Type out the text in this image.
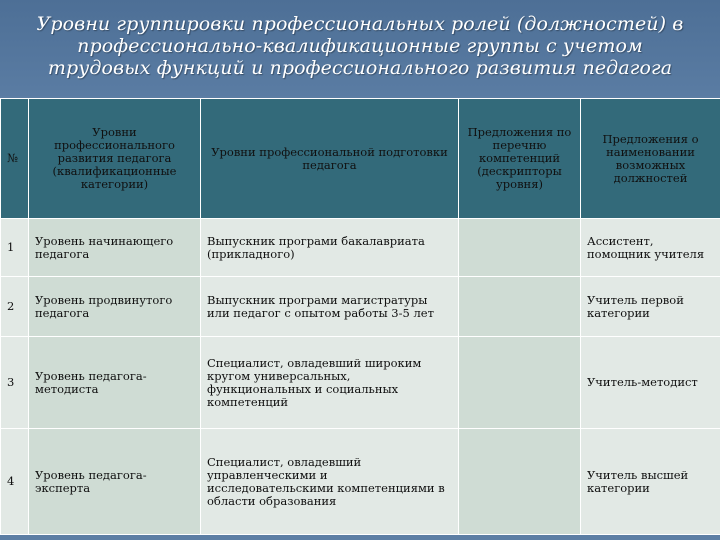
Уровни группировки профессиональных ролей (должностей) в профессионально-квалификационные группы с учетом трудовых функций и профессионального развития педагога
№	Уровни профессионального развития педагога (квалификационные категории)	Уровни профессиональной подготовки педагога	Предложения по перечню компетенций (дескрипторы уровня)	Предложения о наименовании возможных должностей
1	Уровень начинающего педагога	Выпускник програми бакалавриата (прикладного)		Ассистент, помощник учителя
2	Уровень продвинутого педагога	Выпускник програми магистратуры или педагог с опытом работы 3-5 лет		Учитель первой категории
3	Уровень педагога-методиста	Специалист, овладевший широким кругом универсальных, функциональных и социальных компетенций		Учитель-методист
4	Уровень педагога-эксперта	Специалист, овладевший управленческими и исследовательскими компетенциями в области образования		Учитель высшей категории
